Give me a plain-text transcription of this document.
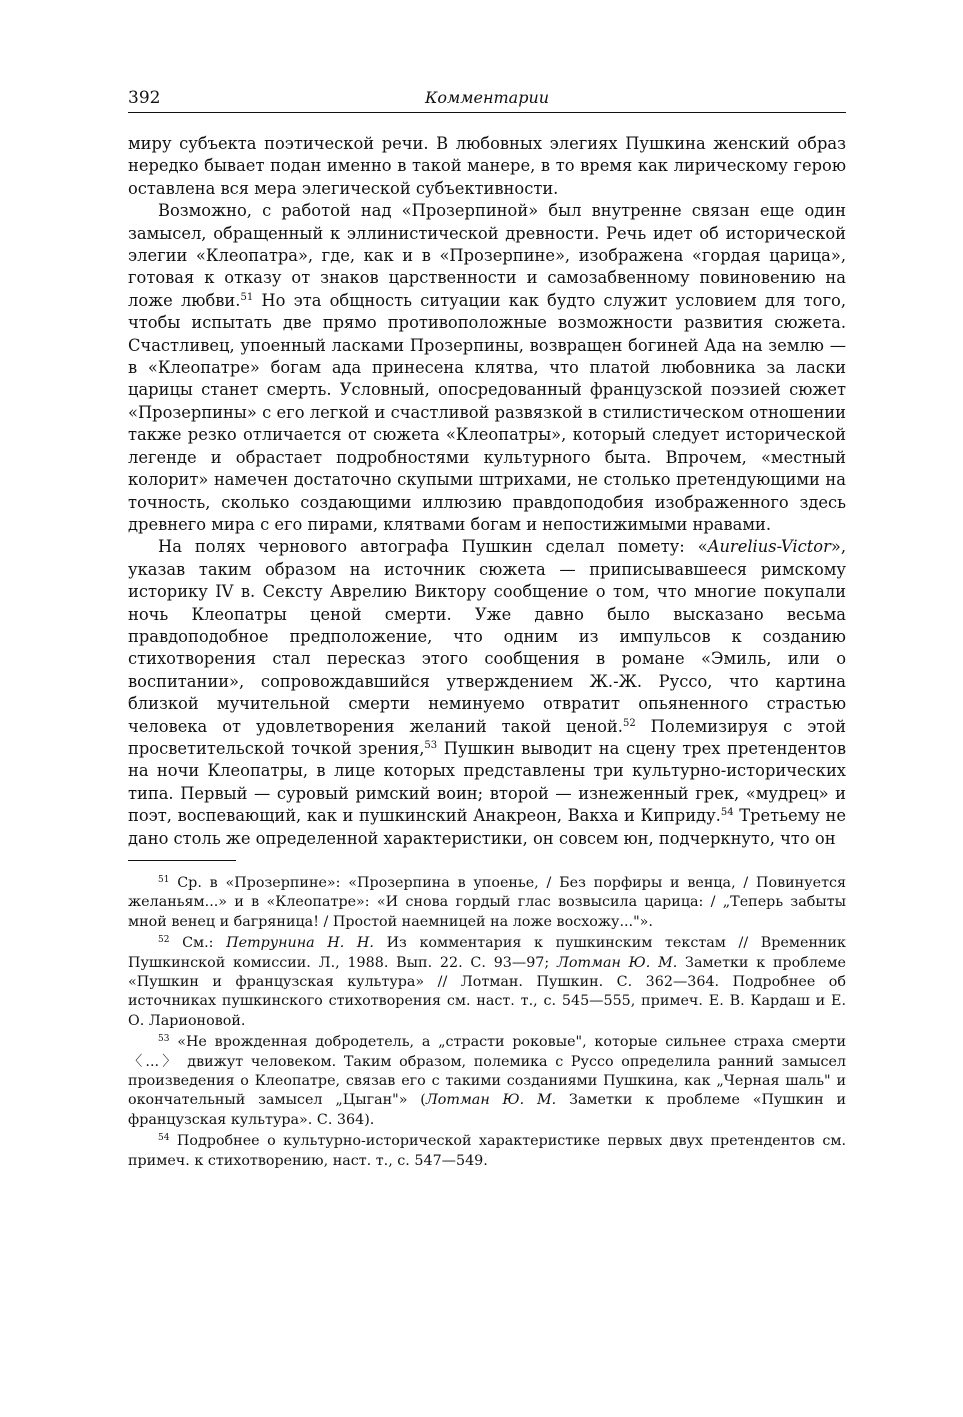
392	Комментарии

миру субъекта поэтической речи. В любовных элегиях Пушкина женский образ нередко бывает подан именно в такой манере, в то время как лирическому герою оставлена вся мера элегической субъективности.

Возможно, с работой над «Прозерпиной» был внутренне связан еще один замысел, обращенный к эллинистической древности. Речь идет об исторической элегии «Клеопатра», где, как и в «Прозерпине», изображена «гордая царица», готовая к отказу от знаков царственности и самозабвенному повиновению на ложе любви.$^{51}$ Но эта общность ситуации как будто служит условием для того, чтобы испытать две прямо противоположные возможности развития сюжета. Счастливец, упоенный ласками Прозерпины, возвращен богиней Ада на землю — в «Клеопатре» богам ада принесена клятва, что платой любовника за ласки царицы станет смерть. Условный, опосредованный французской поэзией сюжет «Прозерпины» с его легкой и счастливой развязкой в стилистическом отношении также резко отличается от сюжета «Клеопатры», который следует исторической легенде и обрастает подробностями культурного быта. Впрочем, «местный колорит» намечен достаточно скупыми штрихами, не столько претендующими на точность, сколько создающими иллюзию правдоподобия изображенного здесь древнего мира с его пирами, клятвами богам и непостижимыми нравами.

На полях чернового автографа Пушкин сделал помету: «Aurelius-Victor», указав таким образом на источник сюжета — приписывавшееся римскому историку IV в. Сексту Аврелию Виктору сообщение о том, что многие покупали ночь Клеопатры ценой смерти. Уже давно было высказано весьма правдоподобное предположение, что одним из импульсов к созданию стихотворения стал пересказ этого сообщения в романе «Эмиль, или о воспитании», сопровождавшийся утверждением Ж.-Ж. Руссо, что картина близкой мучительной смерти неминуемо отвратит опьяненного страстью человека от удовлетворения желаний такой ценой.$^{52}$ Полемизируя с этой просветительской точкой зрения,$^{53}$ Пушкин выводит на сцену трех претендентов на ночи Клеопатры, в лице которых представлены три культурно-исторических типа. Первый — суровый римский воин; второй — изнеженный грек, «мудрец» и поэт, воспевающий, как и пушкинский Анакреон, Вакха и Киприду.$^{54}$ Третьему не дано столь же определенной характеристики, он совсем юн, подчеркнуто, что он

$^{51}$ Ср. в «Прозерпине»: «Прозерпина в упоенье, / Без порфиры и венца, / Повинуется желаньям...» и в «Клеопатре»: «И снова гордый глас возвысила царица: / „Теперь забыты мной венец и багряница! / Простой наемницей на ложе восхожу..."».

$^{52}$ См.: Петрунина Н. Н. Из комментария к пушкинским текстам // Временник Пушкинской комиссии. Л., 1988. Вып. 22. С. 93—97; Лотман Ю. М. Заметки к проблеме «Пушкин и французская культура» // Лотман. Пушкин. С. 362—364. Подробнее об источниках пушкинского стихотворения см. наст. т., с. 545—555, примеч. Е. В. Кардаш и Е. О. Ларионовой.

$^{53}$ «Не врожденная добродетель, а „страсти роковые", которые сильнее страха смерти 〈...〉 движут человеком. Таким образом, полемика с Руссо определила ранний замысел произведения о Клеопатре, связав его с такими созданиями Пушкина, как „Черная шаль" и окончательный замысел „Цыган"» (Лотман Ю. М. Заметки к проблеме «Пушкин и французская культура». С. 364).

$^{54}$ Подробнее о культурно-исторической характеристике первых двух претендентов см. примеч. к стихотворению, наст. т., с. 547—549.
